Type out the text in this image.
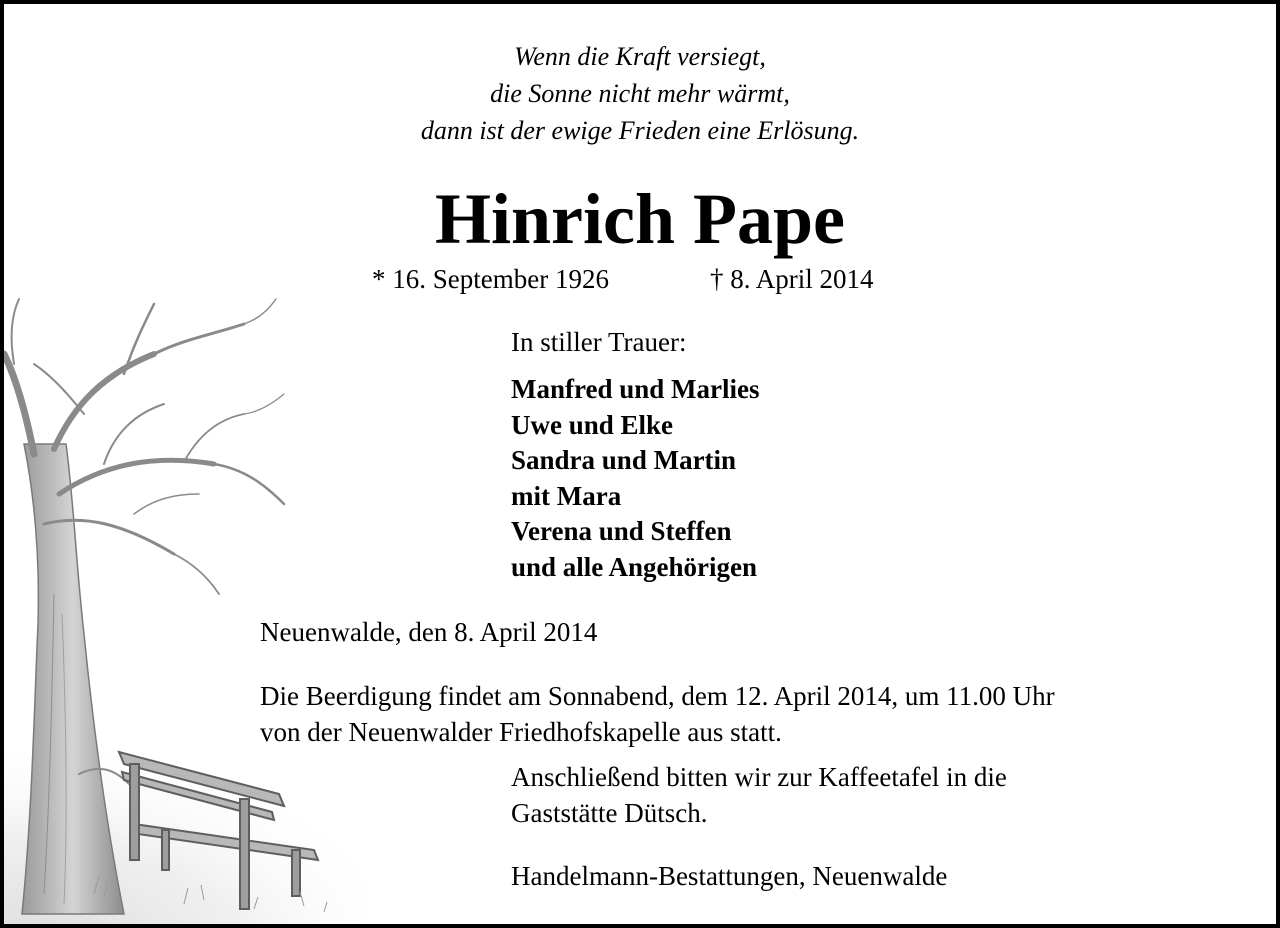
Wenn die Kraft versiegt,
die Sonne nicht mehr wärmt,
dann ist der ewige Frieden eine Erlösung.
Hinrich Pape
* 16. September 1926	† 8. April 2014
In stiller Trauer:
Manfred und Marlies
Uwe und Elke
Sandra und Martin
mit Mara
Verena und Steffen
und alle Angehörigen
Neuenwalde, den 8. April 2014
Die Beerdigung findet am Sonnabend, dem 12. April 2014, um 11.00 Uhr
von der Neuenwalder Friedhofskapelle aus statt.
Anschließend bitten wir zur Kaffeetafel in die
Gaststätte Dütsch.
Handelmann-Bestattungen, Neuenwalde
